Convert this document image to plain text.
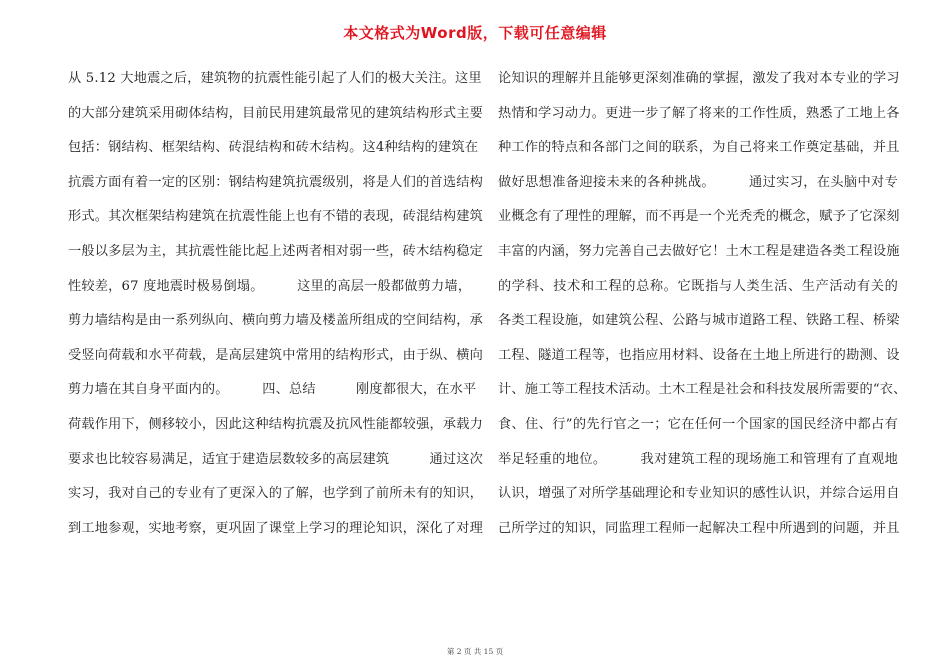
本文格式为Word版，下载可任意编辑
从 5.12 大地震之后，建筑物的抗震性能引起了人们的极大关注。这里
的大部分建筑采用砌体结构，目前民用建筑最常见的建筑结构形式主要
包括：钢结构、框架结构、砖混结构和砖木结构。这4种结构的建筑在
抗震方面有着一定的区别：钢结构建筑抗震级别，将是人们的首选结构
形式。其次框架结构建筑在抗震性能上也有不错的表现，砖混结构建筑
一般以多层为主，其抗震性能比起上述两者相对弱一些，砖木结构稳定
性较差，67 度地震时极易倒塌。　　　这里的高层一般都做剪力墙，
剪力墙结构是由一系列纵向、横向剪力墙及楼盖所组成的空间结构，承
受竖向荷载和水平荷载，是高层建筑中常用的结构形式，由于纵、横向
剪力墙在其自身平面内的。　　　四、总结　　　刚度都很大，在水平
荷载作用下，侧移较小，因此这种结构抗震及抗风性能都较强，承载力
要求也比较容易满足，适宜于建造层数较多的高层建筑　　　通过这次
实习，我对自己的专业有了更深入的了解，也学到了前所未有的知识，
到工地参观，实地考察，更巩固了课堂上学习的理论知识，深化了对理
论知识的理解并且能够更深刻准确的掌握，激发了我对本专业的学习
热情和学习动力。更进一步了解了将来的工作性质，熟悉了工地上各
种工作的特点和各部门之间的联系，为自己将来工作奠定基础，并且
做好思想准备迎接未来的各种挑战。　　　通过实习，在头脑中对专
业概念有了理性的理解，而不再是一个光秃秃的概念，赋予了它深刻
丰富的内涵，努力完善自己去做好它！土木工程是建造各类工程设施
的学科、技术和工程的总称。它既指与人类生活、生产活动有关的
各类工程设施，如建筑公程、公路与城市道路工程、铁路工程、桥梁
工程、隧道工程等，也指应用材料、设备在土地上所进行的勘测、设
计、施工等工程技术活动。土木工程是社会和科技发展所需要的“衣、
食、住、行”的先行官之一；它在任何一个国家的国民经济中都占有
举足轻重的地位。　　　我对建筑工程的现场施工和管理有了直观地
认识，增强了对所学基础理论和专业知识的感性认识，并综合运用自
己所学过的知识，同监理工程师一起解决工程中所遇到的问题，并且
第 2 页 共 15 页
